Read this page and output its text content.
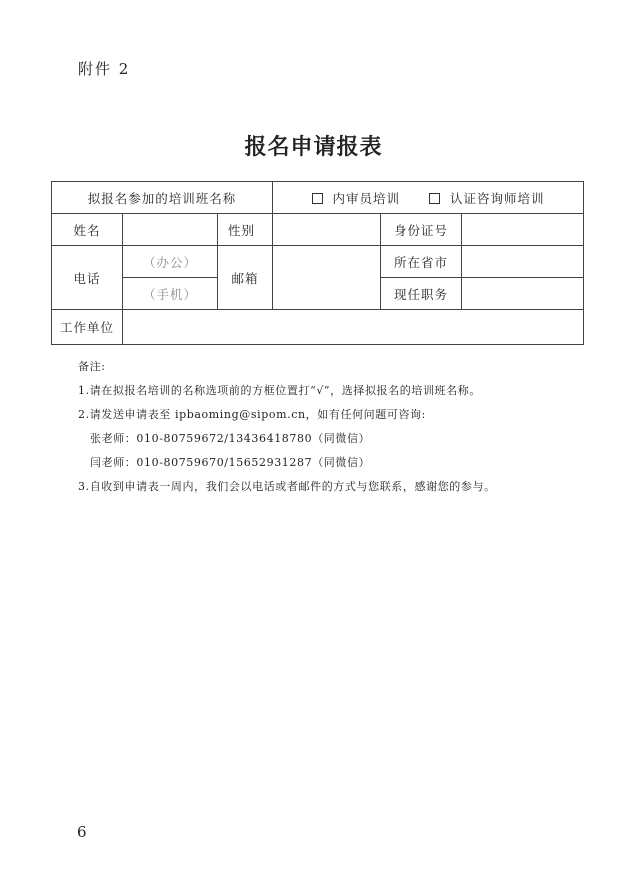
附件 2
报名申请报表
拟报名参加的培训班名称			内审员培训 认证咨询师培训		
姓名		性别		身份证号	
电话	（办公）	邮箱		所在省市	
	（手机）			现任职务	
工作单位					
备注:
1.请在拟报名培训的名称选项前的方框位置打“√”，选择拟报名的培训班名称。
2.请发送申请表至 ipbaoming@sipom.cn，如有任何问题可咨询:
张老师：010-80759672/13436418780（同微信）
闫老师：010-80759670/15652931287（同微信）
3.自收到申请表一周内，我们会以电话或者邮件的方式与您联系，感谢您的参与。
6
